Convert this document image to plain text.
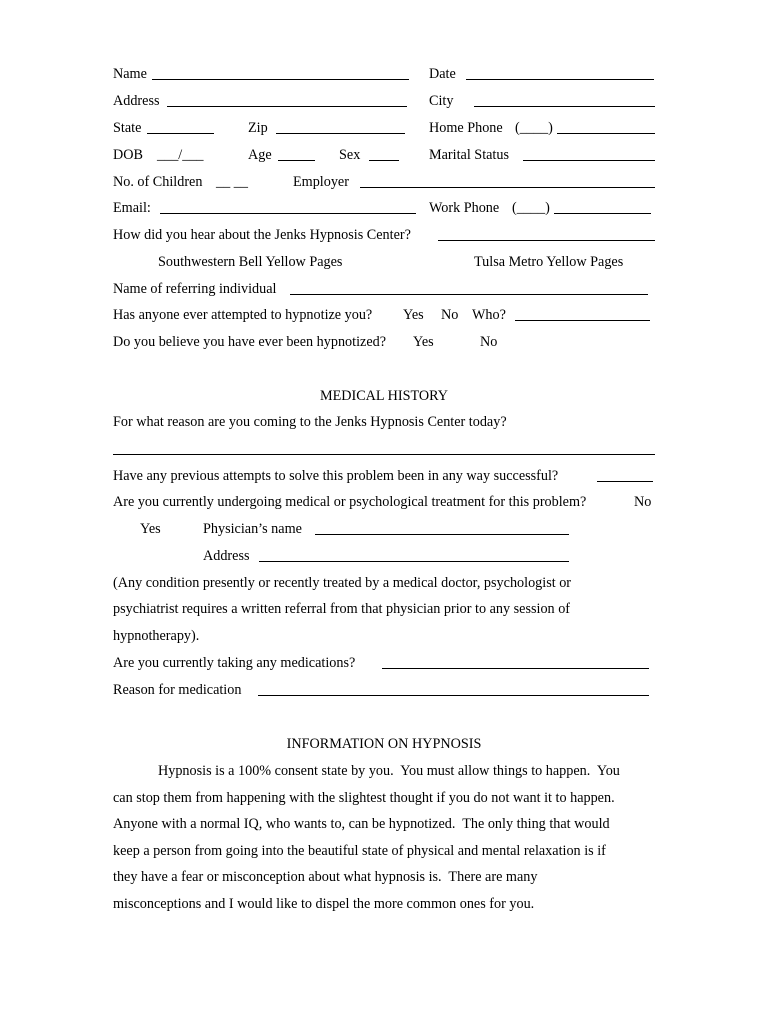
Name	Date
Address	City
State	Zip	Home Phone (____)
DOB ___/___	Age	Sex	Marital Status
No. of Children __ __	Employer
Email:	Work Phone (____)
How did you hear about the Jenks Hypnosis Center?
Southwestern Bell Yellow Pages	Tulsa Metro Yellow Pages
Name of referring individual
Has anyone ever attempted to hypnotize you? Yes No Who?
Do you believe you have ever been hypnotized? Yes	No
MEDICAL HISTORY
For what reason are you coming to the Jenks Hypnosis Center today?
Have any previous attempts to solve this problem been in any way successful?
Are you currently undergoing medical or psychological treatment for this problem?	No
Yes	Physician’s name
Address
(Any condition presently or recently treated by a medical doctor, psychologist or
psychiatrist requires a written referral from that physician prior to any session of
hypnotherapy).
Are you currently taking any medications?
Reason for medication
INFORMATION ON HYPNOSIS
Hypnosis is a 100% consent state by you.  You must allow things to happen.  You
can stop them from happening with the slightest thought if you do not want it to happen.
Anyone with a normal IQ, who wants to, can be hypnotized.  The only thing that would
keep a person from going into the beautiful state of physical and mental relaxation is if
they have a fear or misconception about what hypnosis is.  There are many
misconceptions and I would like to dispel the more common ones for you.
